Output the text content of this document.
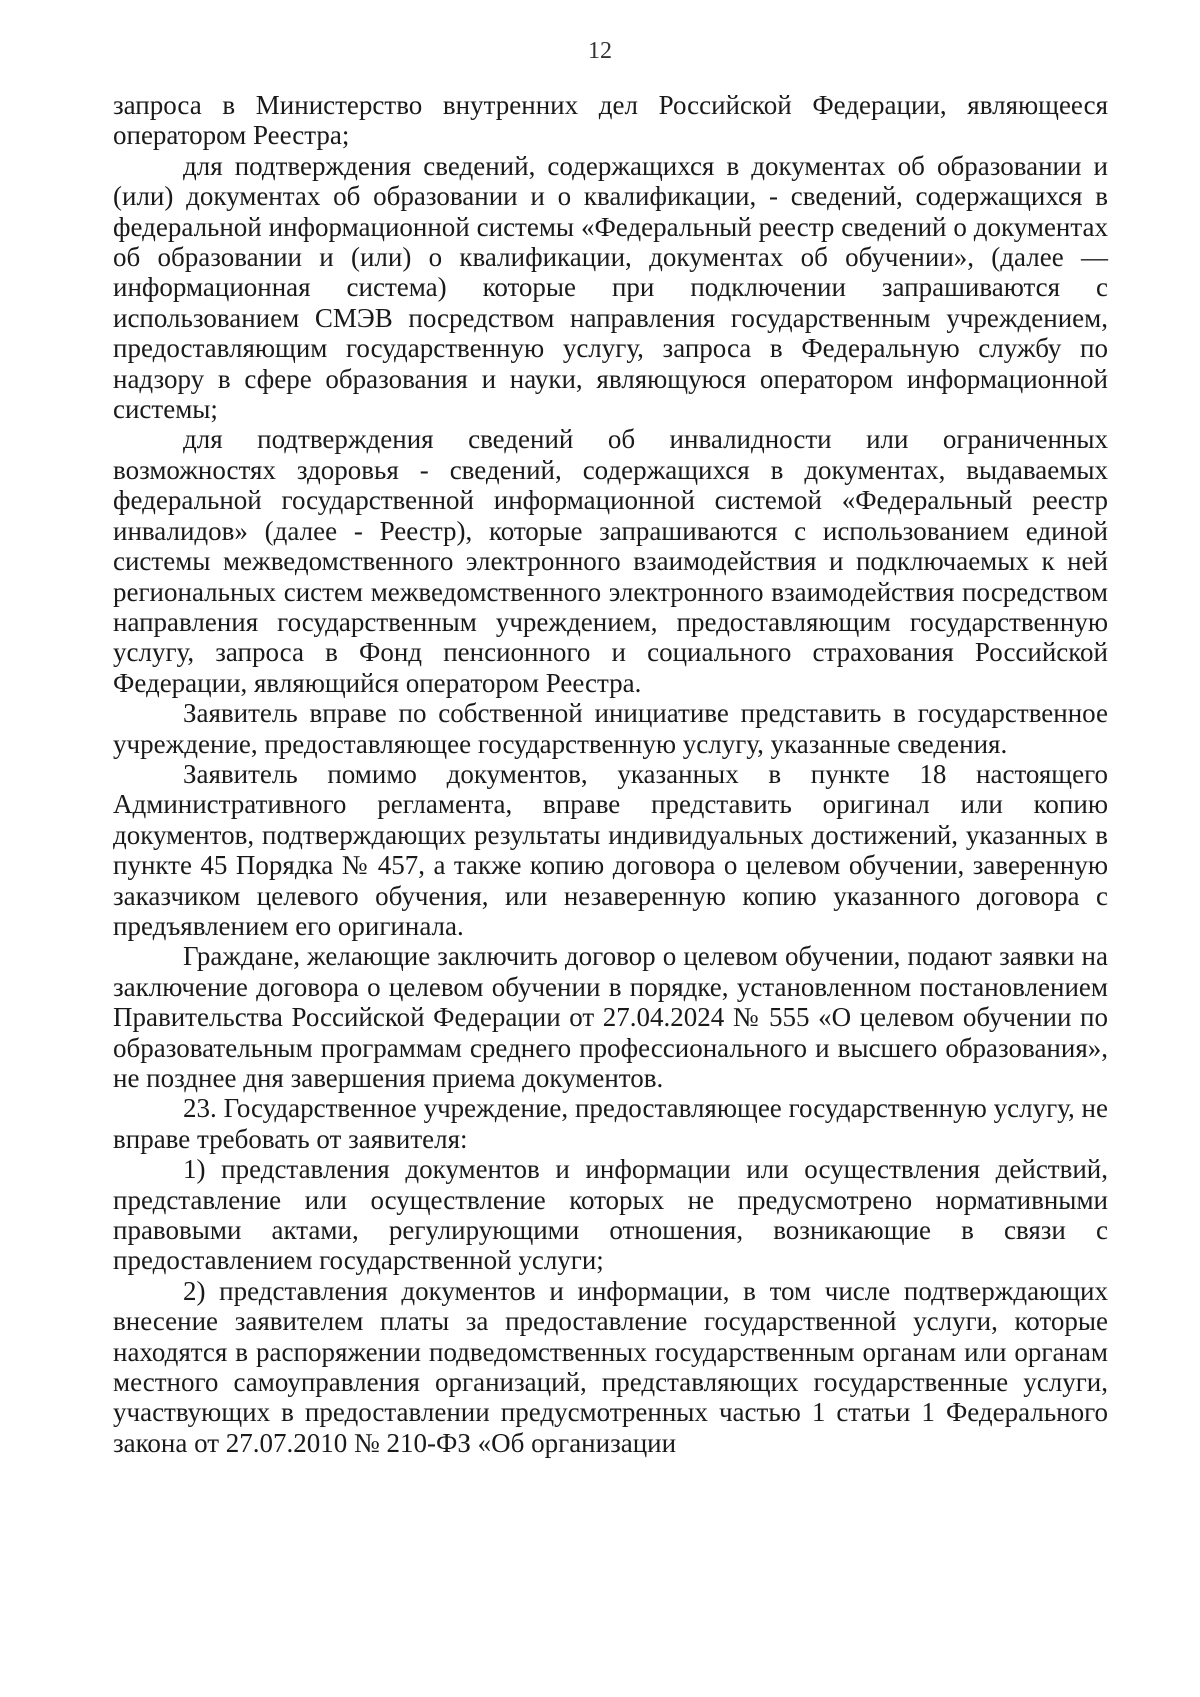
12

запроса в Министерство внутренних дел Российской Федерации, являющееся оператором Реестра;

для подтверждения сведений, содержащихся в документах об образовании и (или) документах об образовании и о квалификации, - сведений, содержащихся в федеральной информационной системы «Федеральный реестр сведений о документах об образовании и (или) о квалификации, документах об обучении», (далее — информационная система) которые при подключении запрашиваются с использованием СМЭВ посредством направления государственным учреждением, предоставляющим государственную услугу, запроса в Федеральную службу по надзору в сфере образования и науки, являющуюся оператором информационной системы;

для подтверждения сведений об инвалидности или ограниченных возможностях здоровья - сведений, содержащихся в документах, выдаваемых федеральной государственной информационной системой «Федеральный реестр инвалидов» (далее - Реестр), которые запрашиваются с использованием единой системы межведомственного электронного взаимодействия и подключаемых к ней региональных систем межведомственного электронного взаимодействия посредством направления государственным учреждением, предоставляющим государственную услугу, запроса в Фонд пенсионного и социального страхования Российской Федерации, являющийся оператором Реестра.

Заявитель вправе по собственной инициативе представить в государственное учреждение, предоставляющее государственную услугу, указанные сведения.

Заявитель помимо документов, указанных в пункте 18 настоящего Административного регламента, вправе представить оригинал или копию документов, подтверждающих результаты индивидуальных достижений, указанных в пункте 45 Порядка № 457, а также копию договора о целевом обучении, заверенную заказчиком целевого обучения, или незаверенную копию указанного договора с предъявлением его оригинала.

Граждане, желающие заключить договор о целевом обучении, подают заявки на заключение договора о целевом обучении в порядке, установленном постановлением Правительства Российской Федерации от 27.04.2024 № 555 «О целевом обучении по образовательным программам среднего профессионального и высшего образования», не позднее дня завершения приема документов.

23. Государственное учреждение, предоставляющее государственную услугу, не вправе требовать от заявителя:

1) представления документов и информации или осуществления действий, представление или осуществление которых не предусмотрено нормативными правовыми актами, регулирующими отношения, возникающие в связи с предоставлением государственной услуги;

2) представления документов и информации, в том числе подтверждающих внесение заявителем платы за предоставление государственной услуги, которые находятся в распоряжении подведомственных государственным органам или органам местного самоуправления организаций, представляющих государственные услуги, участвующих в предоставлении предусмотренных частью 1 статьи 1 Федерального закона от 27.07.2010 № 210-ФЗ «Об организации
